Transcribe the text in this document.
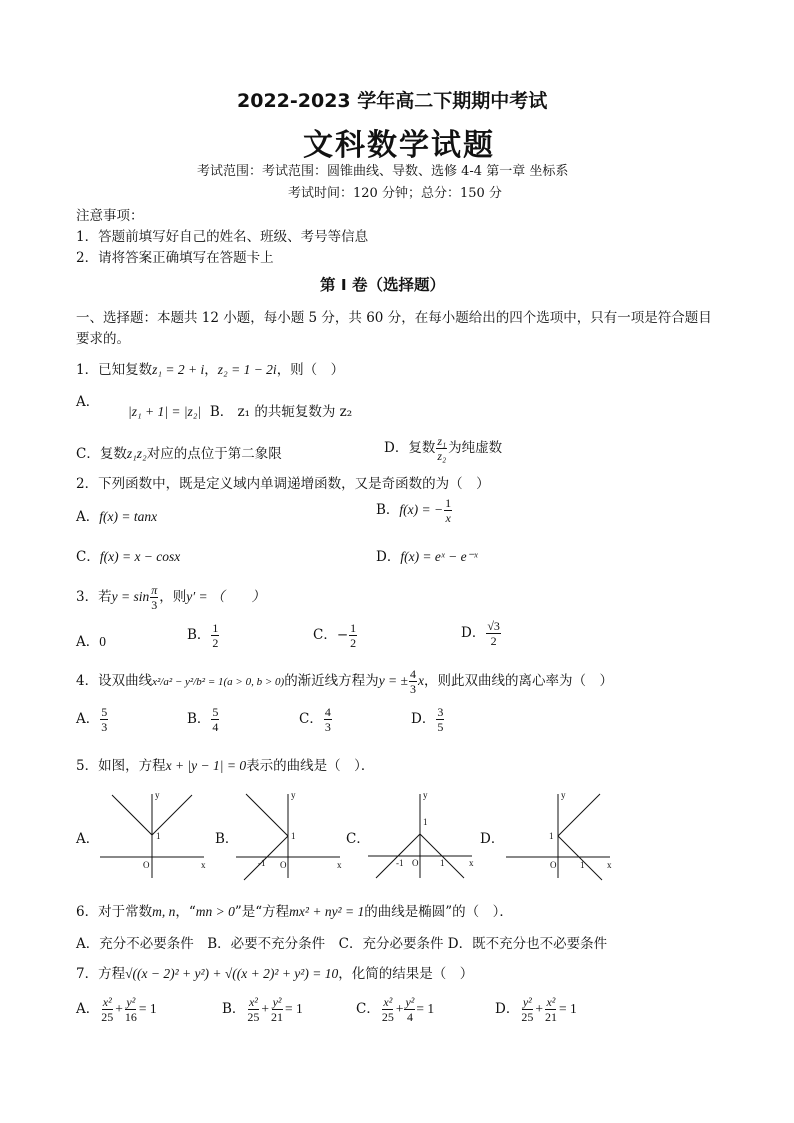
2022-2023 学年高二下期期中考试
文科数学试题
考试范围：考试范围：圆锥曲线、导数、选修 4-4 第一章 坐标系
考试时间：120 分钟；总分：150 分
注意事项：
1．答题前填写好自己的姓名、班级、考号等信息
2．请将答案正确填写在答题卡上
第 I 卷（选择题）
一、选择题：本题共 12 小题，每小题 5 分，共 60 分，在每小题给出的四个选项中，只有一项是符合题目
要求的。
1．已知复数z₁ = 2 + i，z₂ = 1 − 2i，则（　）
A．
|z₁ + 1| = |z₂| B． z₁ 的共轭复数为 z₂
C．复数z₁z₂对应的点位于第二象限	D．复数 $\frac{\text{z₁}}{\text{z₂}}$ 为纯虚数
2．下列函数中，既是定义域内单调递增函数，又是奇函数的为（　）
A．f(x) = tanx	B．f(x) = − $\frac{1}{x}$
C．f(x) = x − cosx	D．f(x) = eˣ − e⁻ˣ
3．若$y = \sin \frac{\pi}{3}$ ，则y′ = （　　）
A．0	B． $\frac{1}{2}$	C．− $\frac{1}{2}$	D． $\frac{√3}{2}$
4．设双曲线x²/a² − y²/b² = 1(a > 0, b > 0)的渐近线方程为y = ± $\frac{4}{3}$ x，则此双曲线的离心率为（　）
A． $\frac{5}{3}$	B． $\frac{5}{4}$	C． $\frac{4}{3}$	D． $\frac{3}{5}$
5．如图，方程x + |y − 1| = 0表示的曲线是（　）．
A．	B．	C．	D．
y
x
O
1
y
x
O
1
-1
y
x
O
1
-1	1
y
x
O
1
1
6．对于常数m, n，“mn > 0”是“方程mx² + ny² = 1的曲线是椭圆”的（　）．
A．充分不必要条件　B．必要不充分条件　C．充分必要条件 D．既不充分也不必要条件
7．方程√((x − 2)² + y²) + √((x + 2)² + y²) = 10，化简的结果是（　）
A． $\frac{\text{x²}}{25} + \frac{\text{y²}}{16} = 1$	B． $\frac{\text{x²}}{25} + \frac{\text{y²}}{21} = 1$	C． $\frac{\text{x²}}{25} + \frac{\text{y²}}{4} = 1$	D． $\frac{\text{y²}}{25} + \frac{\text{x²}}{21} = 1$
